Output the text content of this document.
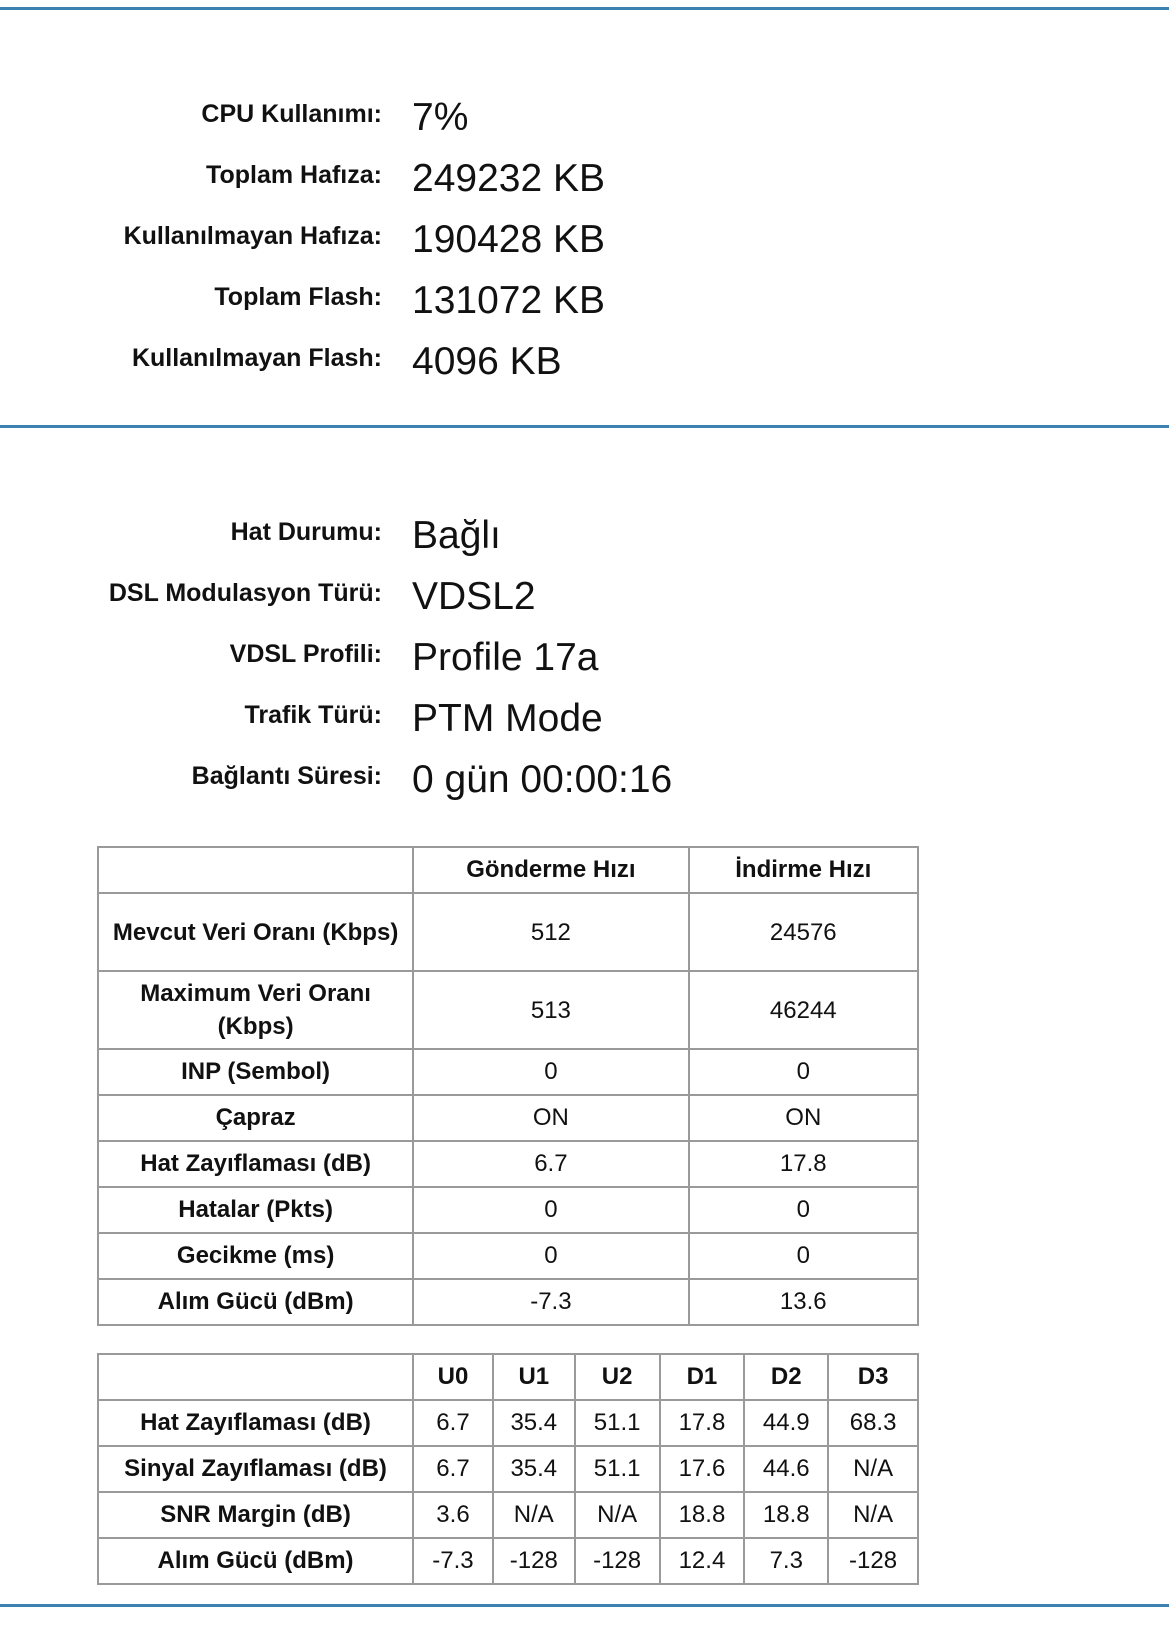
CPU Kullanımı: 7%
Toplam Hafıza: 249232 KB
Kullanılmayan Hafıza: 190428 KB
Toplam Flash: 131072 KB
Kullanılmayan Flash: 4096 KB
Hat Durumu: Bağlı
DSL Modulasyon Türü: VDSL2
VDSL Profili: Profile 17a
Trafik Türü: PTM Mode
Bağlantı Süresi: 0 gün 00:00:16
	Gönderme Hızı	İndirme Hızı
Mevcut Veri Oranı (Kbps)	512	24576
Maximum Veri Oranı (Kbps)	513	46244
INP (Sembol)	0	0
Çapraz	ON	ON
Hat Zayıflaması (dB)	6.7	17.8
Hatalar (Pkts)	0	0
Gecikme (ms)	0	0
Alım Gücü (dBm)	-7.3	13.6
	U0	U1	U2	D1	D2	D3
Hat Zayıflaması (dB)	6.7	35.4	51.1	17.8	44.9	68.3
Sinyal Zayıflaması (dB)	6.7	35.4	51.1	17.6	44.6	N/A
SNR Margin (dB)	3.6	N/A	N/A	18.8	18.8	N/A
Alım Gücü (dBm)	-7.3	-128	-128	12.4	7.3	-128
